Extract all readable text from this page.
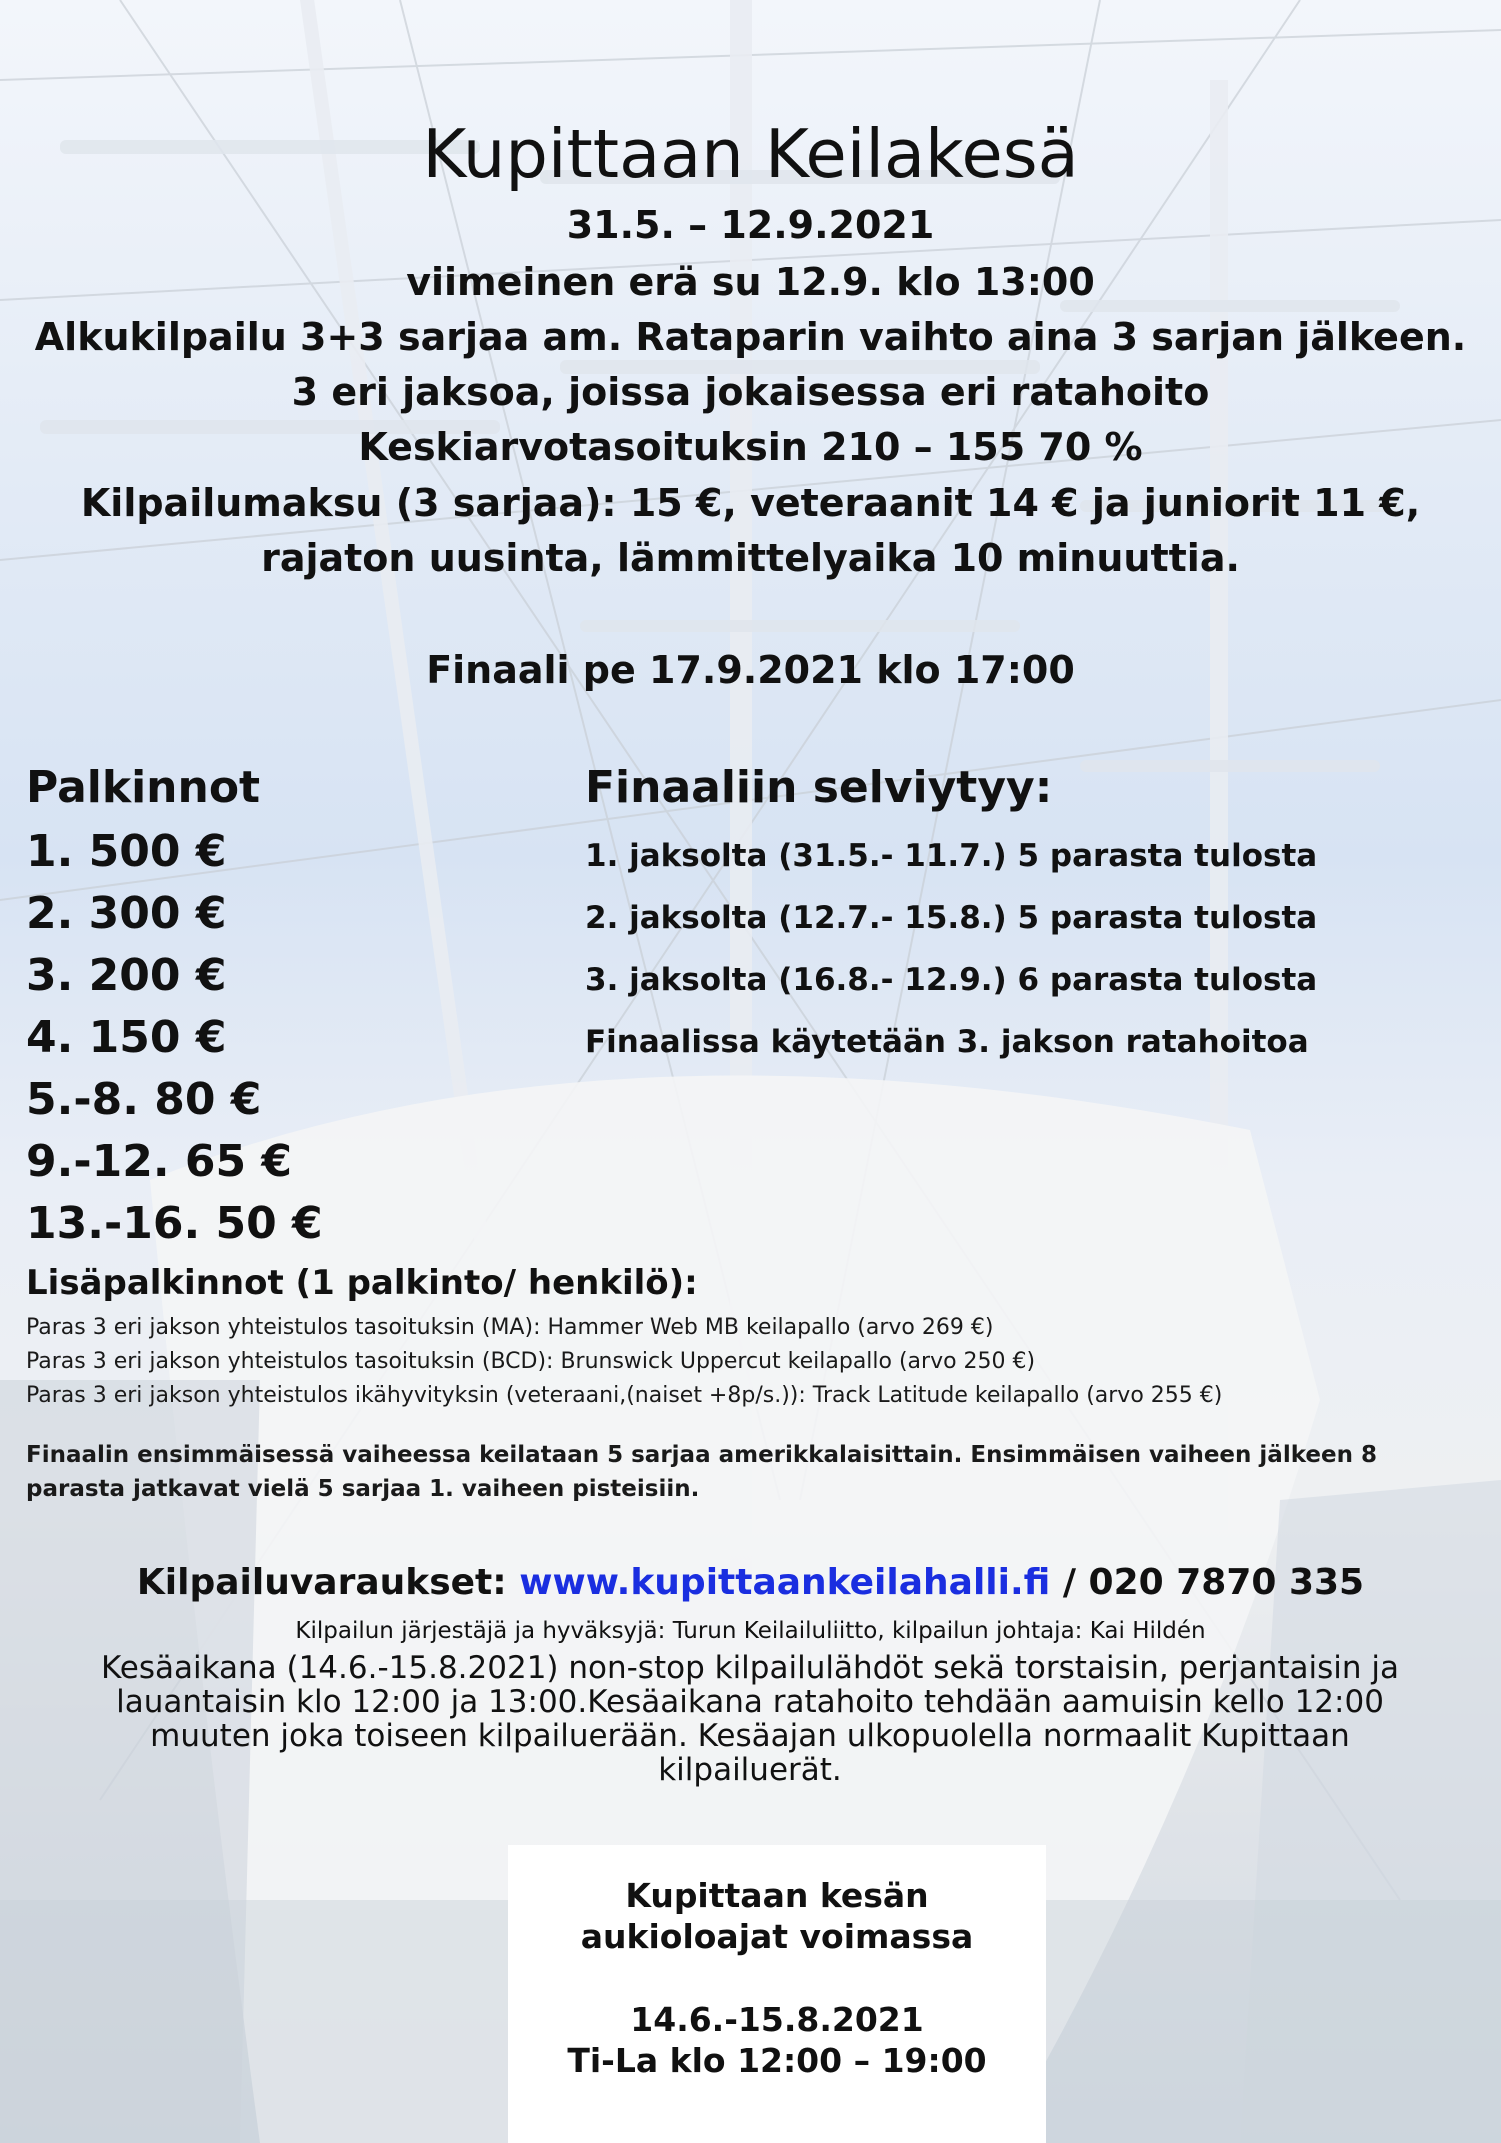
Kupittaan Keilakesä
31.5. – 12.9.2021
viimeinen erä su 12.9. klo 13:00
Alkukilpailu 3+3 sarjaa am. Rataparin vaihto aina 3 sarjan jälkeen.
3 eri jaksoa, joissa jokaisessa eri ratahoito
Keskiarvotasoituksin 210 – 155 70 %
Kilpailumaksu (3 sarjaa): 15 €, veteraanit 14 € ja juniorit 11 €,
rajaton uusinta, lämmittelyaika 10 minuuttia.
Finaali pe 17.9.2021 klo 17:00
Palkinnot
1. 500 €
2. 300 €
3. 200 €
4. 150 €
5.-8. 80 €
9.-12. 65 €
13.-16. 50 €
Finaaliin selviytyy:
1. jaksolta (31.5.- 11.7.) 5 parasta tulosta
2. jaksolta (12.7.- 15.8.) 5 parasta tulosta
3. jaksolta (16.8.- 12.9.) 6 parasta tulosta
Finaalissa käytetään 3. jakson ratahoitoa
Lisäpalkinnot (1 palkinto/ henkilö):
Paras 3 eri jakson yhteistulos tasoituksin (MA): Hammer Web MB keilapallo (arvo 269 €)
Paras 3 eri jakson yhteistulos tasoituksin (BCD): Brunswick Uppercut keilapallo (arvo 250 €)
Paras 3 eri jakson yhteistulos ikähyvityksin (veteraani,(naiset +8p/s.)): Track Latitude keilapallo (arvo 255 €)
Finaalin ensimmäisessä vaiheessa keilataan 5 sarjaa amerikkalaisittain. Ensimmäisen vaiheen jälkeen 8
parasta jatkavat vielä 5 sarjaa 1. vaiheen pisteisiin.
Kilpailuvaraukset: www.kupittaankeilahalli.fi / 020 7870 335
Kilpailun järjestäjä ja hyväksyjä: Turun Keilailuliitto, kilpailun johtaja: Kai Hildén
Kesäaikana (14.6.-15.8.2021) non-stop kilpailulähdöt sekä torstaisin, perjantaisin ja
lauantaisin klo 12:00 ja 13:00.Kesäaikana ratahoito tehdään aamuisin kello 12:00
muuten joka toiseen kilpailuerään. Kesäajan ulkopuolella normaalit Kupittaan
kilpailuerät.
Kupittaan kesän
aukioloajat voimassa
14.6.-15.8.2021
Ti-La klo 12:00 – 19:00
